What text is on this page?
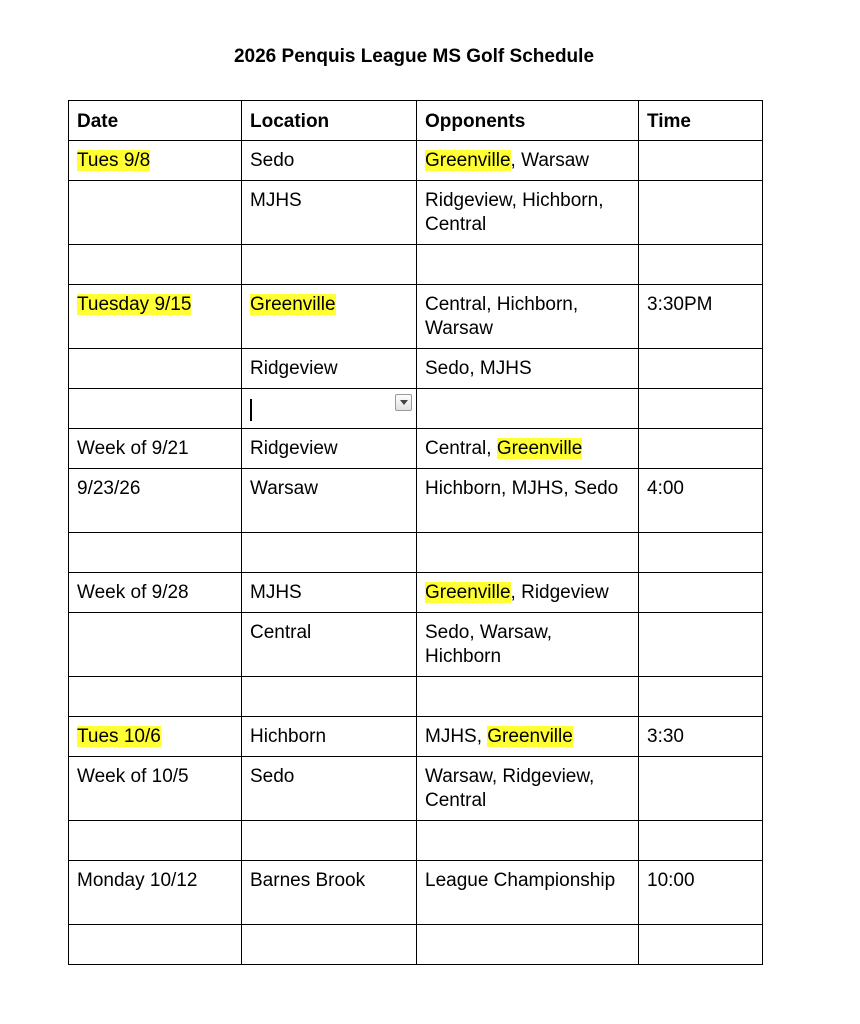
2026 Penquis League MS Golf Schedule
Date	Location	Opponents	Time
Tues 9/8	Sedo	Greenville, Warsaw	
	MJHS	Ridgeview, Hichborn, Central	

Tuesday 9/15	Greenville	Central, Hichborn, Warsaw	3:30PM
	Ridgeview	Sedo, MJHS	

Week of 9/21	Ridgeview	Central, Greenville	
9/23/26	Warsaw	Hichborn, MJHS, Sedo	4:00

Week of 9/28	MJHS	Greenville, Ridgeview	
	Central	Sedo, Warsaw, Hichborn	

Tues 10/6	Hichborn	MJHS, Greenville	3:30
Week of 10/5	Sedo	Warsaw, Ridgeview, Central	

Monday 10/12	Barnes Brook	League Championship	10:00
